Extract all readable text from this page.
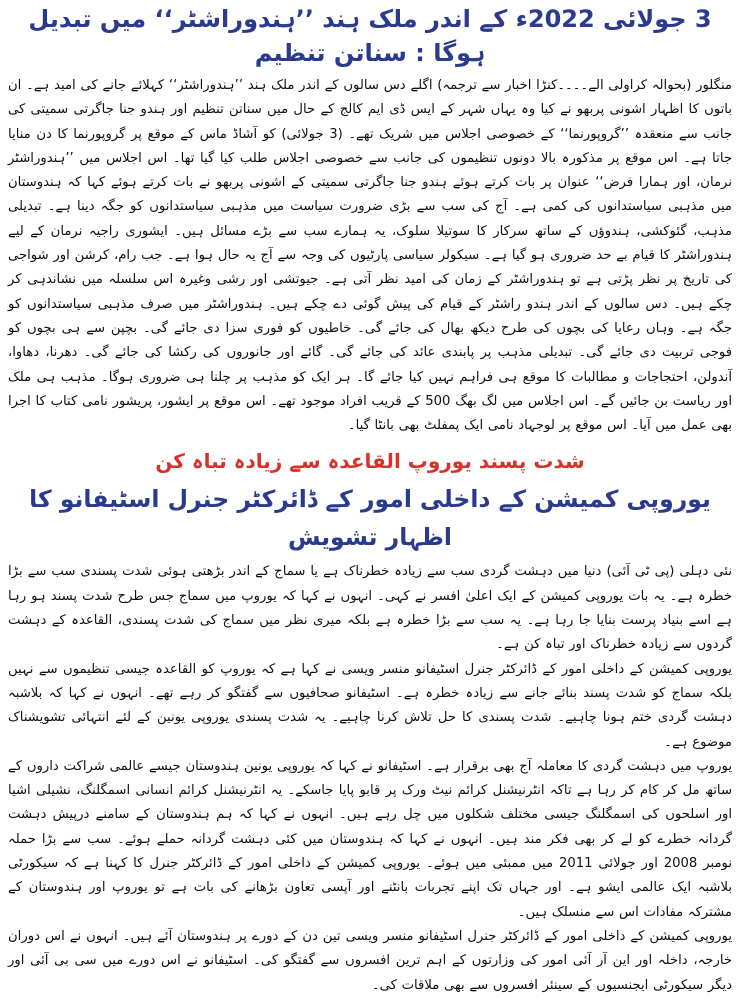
3 جولائی 2022ء کے اندر ملک ہند ’’ہندوراشٹر‘‘ میں تبدیل ہوگا : سناتن تنظیم

منگلور (بحوالہ کراولی الے۔۔۔۔کنڑا اخبار سے ترجمہ) اگلے دس سالوں کے اندر ملک ہند ’’ہندوراشٹر‘‘ کہلائے جانے کی امید ہے۔ ان باتوں کا اظہار اشونی پربھو نے کیا وہ یہاں شہر کے ایس ڈی ایم کالج کے حال میں سناتن تنظیم اور ہندو جنا جاگرتی سمیتی کی جانب سے منعقدہ ’’گروپورنما‘‘ کے خصوصی اجلاس میں شریک تھے۔ (3 جولائی) کو آشاڈ ماس کے موقع پر گروپورنما کا دن منایا جاتا ہے۔ اس موقع پر مذکورہ بالا دونوں تنظیموں کی جانب سے خصوصی اجلاس طلب کیا گیا تھا۔ اس اجلاس میں ’’ہندوراشٹر نرمان، اور ہمارا فرض‘‘ عنوان پر بات کرتے ہوئے ہندو جنا جاگرتی سمیتی کے اشونی پربھو نے بات کرتے ہوئے کہا کہ ہندوستان میں مذہبی سیاستدانوں کی کمی ہے۔ آج کی سب سے بڑی ضرورت سیاست میں مذہبی سیاستدانوں کو جگہ دینا ہے۔ تبدیلی مذہب، گئوکشی، ہندوؤں کے ساتھ سرکار کا سوتیلا سلوک، یہ ہمارے سب سے بڑے مسائل ہیں۔ ایشوری راجیہ نرمان کے لیے ہندوراشٹر کا قیام بے حد ضروری ہو گیا ہے۔ سیکولر سیاسی پارٹیوں کی وجہ سے آج یہ حال ہوا ہے۔ جب رام، کرشن اور شواجی کی تاریخ پر نظر پڑتی ہے تو ہندوراشٹر کے زمان کی امید نظر آتی ہے۔ جیوتشی اور رشی وغیرہ اس سلسلہ میں نشاندہی کر چکے ہیں۔ دس سالوں کے اندر ہندو راشٹر کے قیام کی پیش گوئی دے چکے ہیں۔ ہندوراشٹر میں صرف مذہبی سیاستدانوں کو جگہ ہے۔ وہاں رعایا کی بچوں کی طرح دیکھ بھال کی جائے گی۔ خاطیوں کو فوری سزا دی جائے گی۔ بچپن سے ہی بچوں کو فوجی تربیت دی جائے گی۔ تبدیلی مذہب پر پابندی عائد کی جائے گی۔ گائے اور جانوروں کی رکشا کی جائے گی۔ دھرنا، دھاوا، آندولن، احتجاجات و مطالبات کا موقع ہی فراہم نہیں کیا جائے گا۔ ہر ایک کو مذہب پر چلنا ہی ضروری ہوگا۔ مذہب ہی ملک اور ریاست بن جائیں گے۔ اس اجلاس میں لگ بھگ 500 کے قریب افراد موجود تھے۔ اس موقع پر ایشور، پریشور نامی کتاب کا اجرا بھی عمل میں آیا۔ اس موقع پر لوجہاد نامی ایک پمفلٹ بھی بانٹا گیا۔

شدت پسند یوروپ القاعدہ سے زیادہ تباہ کن
یوروپی کمیشن کے داخلی امور کے ڈائرکٹر جنرل اسٹیفانو کا اظہار تشویش

نئی دہلی (پی ٹی آئی) دنیا میں دہشت گردی سب سے زیادہ خطرناک ہے یا سماج کے اندر بڑھتی ہوئی شدت پسندی سب سے بڑا خطرہ ہے۔ یہ بات یوروپی کمیشن کے ایک اعلیٰ افسر نے کہی۔ انہوں نے کہا کہ یوروپ میں سماج جس طرح شدت پسند ہو رہا ہے اسے بنیاد پرست بنایا جا رہا ہے۔ یہ سب سے بڑا خطرہ ہے بلکہ میری نظر میں سماج کی شدت پسندی، القاعدہ کے دہشت گردوں سے زیادہ خطرناک اور تباہ کن ہے۔

یوروپی کمیشن کے داخلی امور کے ڈائرکٹر جنرل اسٹیفانو منسر ویسی نے کہا ہے کہ یوروپ کو القاعدہ جیسی تنظیموں سے نہیں بلکہ سماج کو شدت پسند بنائے جانے سے زیادہ خطرہ ہے۔ اسٹیفانو صحافیوں سے گفتگو کر رہے تھے۔ انہوں نے کہا کہ بلاشبہ دہشت گردی ختم ہونا چاہیے۔ شدت پسندی کا حل تلاش کرنا چاہیے۔ یہ شدت پسندی یوروپی یونین کے لئے انتہائی تشویشناک موضوع ہے۔

یوروپ میں دہشت گردی کا معاملہ آج بھی برقرار ہے۔ اسٹیفانو نے کہا کہ یوروپی یونین ہندوستان جیسے عالمی شراکت داروں کے ساتھ مل کر کام کر رہا ہے تاکہ انٹرنیشنل کرائم نیٹ ورک پر قابو پایا جاسکے۔ یہ انٹرنیشنل کرائم انسانی اسمگلنگ، نشیلی اشیا اور اسلحوں کی اسمگلنگ جیسی مختلف شکلوں میں چل رہے ہیں۔ انہوں نے کہا کہ ہم ہندوستان کے سامنے درپیش دہشت گردانہ خطرے کو لے کر بھی فکر مند ہیں۔ انہوں نے کہا کہ ہندوستان میں کئی دہشت گردانہ حملے ہوئے۔ سب سے بڑا حملہ نومبر 2008 اور جولائی 2011 میں ممبئی میں ہوئے۔ یوروپی کمیشن کے داخلی امور کے ڈائرکٹر جنرل کا کہنا ہے کہ سیکورٹی بلاشبہ ایک عالمی ایشو ہے۔ اور جہاں تک اپنے تجربات بانٹنے اور آپسی تعاون بڑھانے کی بات ہے تو یوروپ اور ہندوستان کے مشترکہ مفادات اس سے منسلک ہیں۔

یوروپی کمیشن کے داخلی امور کے ڈائرکٹر جنرل اسٹیفانو منسر ویسی تین دن کے دورے پر ہندوستان آئے ہیں۔ انہوں نے اس دوران خارجہ، داخلہ اور این آر آئی امور کی وزارتوں کے اہم ترین افسروں سے گفتگو کی۔ اسٹیفانو نے اس دورے میں سی بی آئی اور دیگر سیکورٹی ایجنسیوں کے سینئر افسروں سے بھی ملاقات کی۔
